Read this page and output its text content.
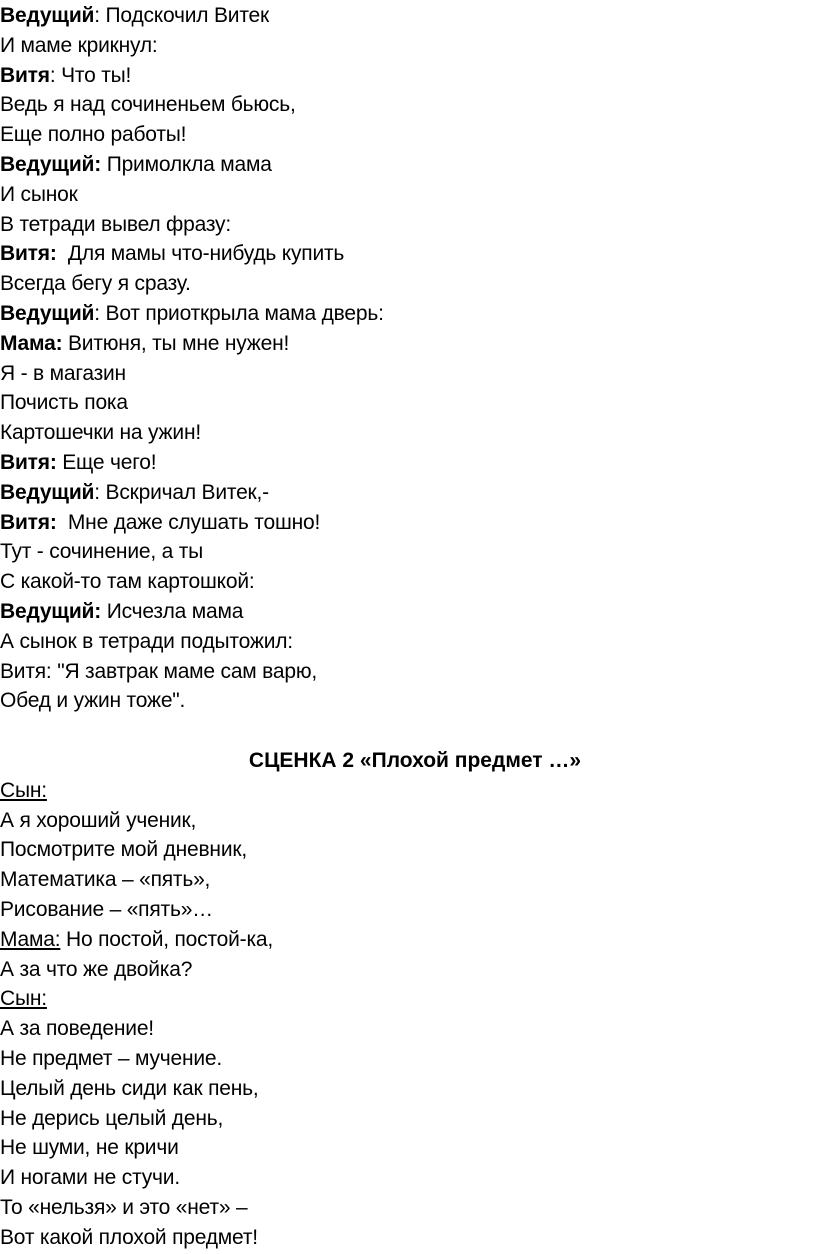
Ведущий: Подскочил Витек
И маме крикнул:
Витя: Что ты!
Ведь я над сочиненьем бьюсь,
Еще полно работы!
Ведущий: Примолкла мама
И сынок
В тетради вывел фразу:
Витя: Для мамы что-нибудь купить
Всегда бегу я сразу.
Ведущий: Вот приоткрыла мама дверь:
Мама: Витюня, ты мне нужен!
Я - в магазин
Почисть пока
Картошечки на ужин!
Витя: Еще чего!
Ведущий: Вскричал Витек,-
Витя: Мне даже слушать тошно!
Тут - сочинение, а ты
С какой-то там картошкой:
Ведущий: Исчезла мама
А сынок в тетради подытожил:
Витя: "Я завтрак маме сам варю,
Обед и ужин тоже".
СЦЕНКА 2 «Плохой предмет …»
Сын:
А я хороший ученик,
Посмотрите мой дневник,
Математика – «пять»,
Рисование – «пять»…
Мама: Но постой, постой-ка,
А за что же двойка?
Сын:
А за поведение!
Не предмет – мучение.
Целый день сиди как пень,
Не дерись целый день,
Не шуми, не кричи
И ногами не стучи.
То «нельзя» и это «нет» –
Вот какой плохой предмет!
